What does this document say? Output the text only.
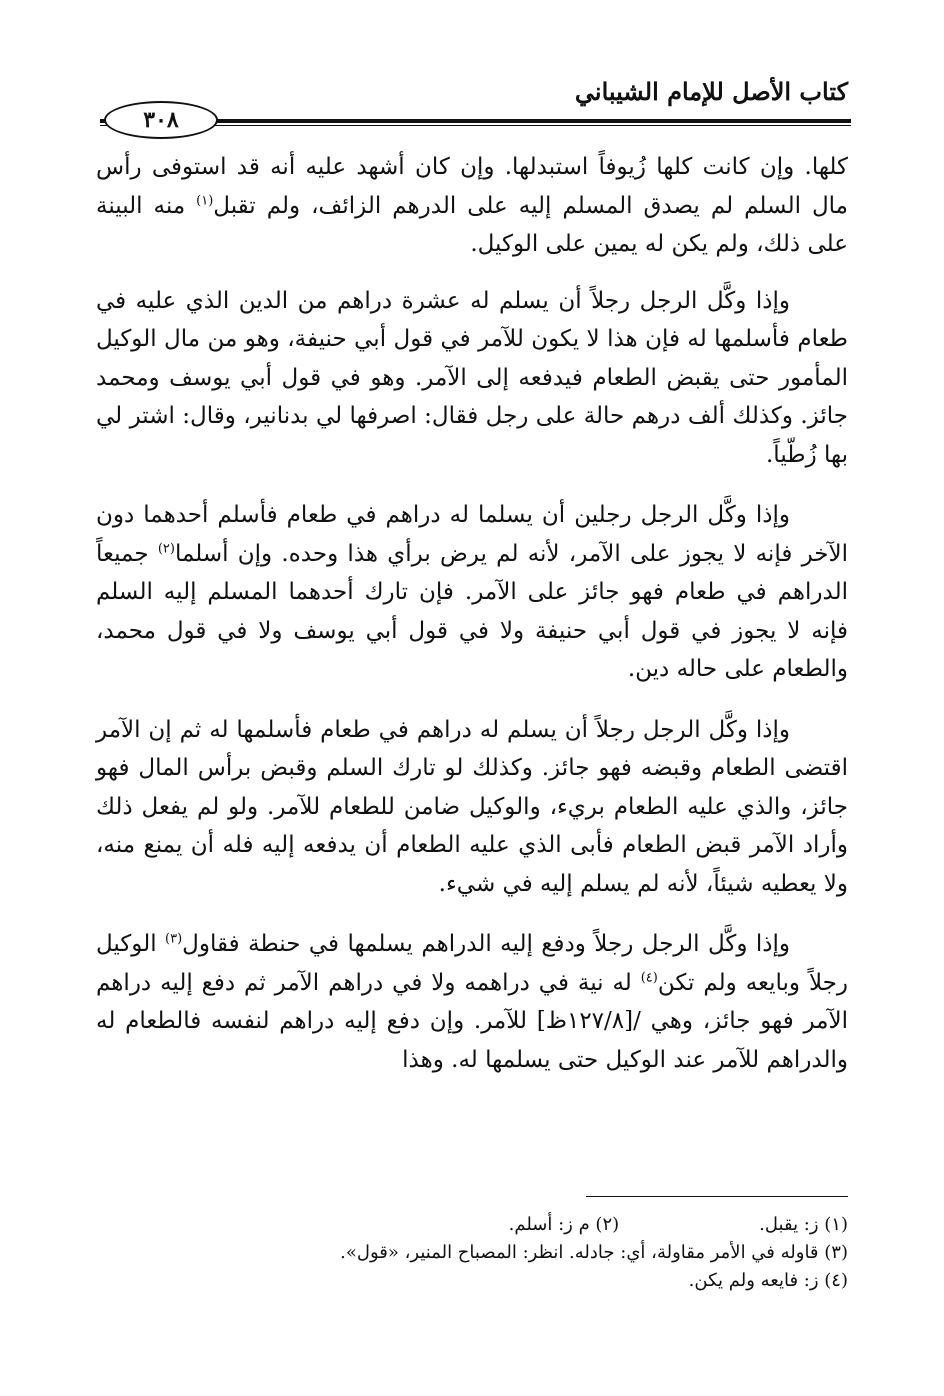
كتاب الأصل للإمام الشيباني
٣٠٨

كلها. وإن كانت كلها زُيوفاً استبدلها. وإن كان أشهد عليه أنه قد استوفى رأس مال السلم لم يصدق المسلم إليه على الدرهم الزائف، ولم تقبل$^{(١)}$ منه البينة على ذلك، ولم يكن له يمين على الوكيل.

وإذا وكَّل الرجل رجلاً أن يسلم له عشرة دراهم من الدين الذي عليه في طعام فأسلمها له فإن هذا لا يكون للآمر في قول أبي حنيفة، وهو من مال الوكيل المأمور حتى يقبض الطعام فيدفعه إلى الآمر. وهو في قول أبي يوسف ومحمد جائز. وكذلك ألف درهم حالة على رجل فقال: اصرفها لي بدنانير، وقال: اشتر لي بها زُطّياً.

وإذا وكَّل الرجل رجلين أن يسلما له دراهم في طعام فأسلم أحدهما دون الآخر فإنه لا يجوز على الآمر، لأنه لم يرض برأي هذا وحده. وإن أسلما$^{(٢)}$ جميعاً الدراهم في طعام فهو جائز على الآمر. فإن تارك أحدهما المسلم إليه السلم فإنه لا يجوز في قول أبي حنيفة ولا في قول أبي يوسف ولا في قول محمد، والطعام على حاله دين.

وإذا وكَّل الرجل رجلاً أن يسلم له دراهم في طعام فأسلمها له ثم إن الآمر اقتضى الطعام وقبضه فهو جائز. وكذلك لو تارك السلم وقبض برأس المال فهو جائز، والذي عليه الطعام بريء، والوكيل ضامن للطعام للآمر. ولو لم يفعل ذلك وأراد الآمر قبض الطعام فأبى الذي عليه الطعام أن يدفعه إليه فله أن يمنع منه، ولا يعطيه شيئاً، لأنه لم يسلم إليه في شيء.

وإذا وكَّل الرجل رجلاً ودفع إليه الدراهم يسلمها في حنطة فقاول$^{(٣)}$ الوكيل رجلاً وبايعه ولم تكن$^{(٤)}$ له نية في دراهمه ولا في دراهم الآمر ثم دفع إليه دراهم الآمر فهو جائز، وهي /[١٢٧/٨ظ] للآمر. وإن دفع إليه دراهم لنفسه فالطعام له والدراهم للآمر عند الوكيل حتى يسلمها له. وهذا

(١) ز: يقبل.
(٢) م ز: أسلم.
(٣) قاوله في الأمر مقاولة، أي: جادله. انظر: المصباح المنير، «قول».
(٤) ز: فايعه ولم يكن.
